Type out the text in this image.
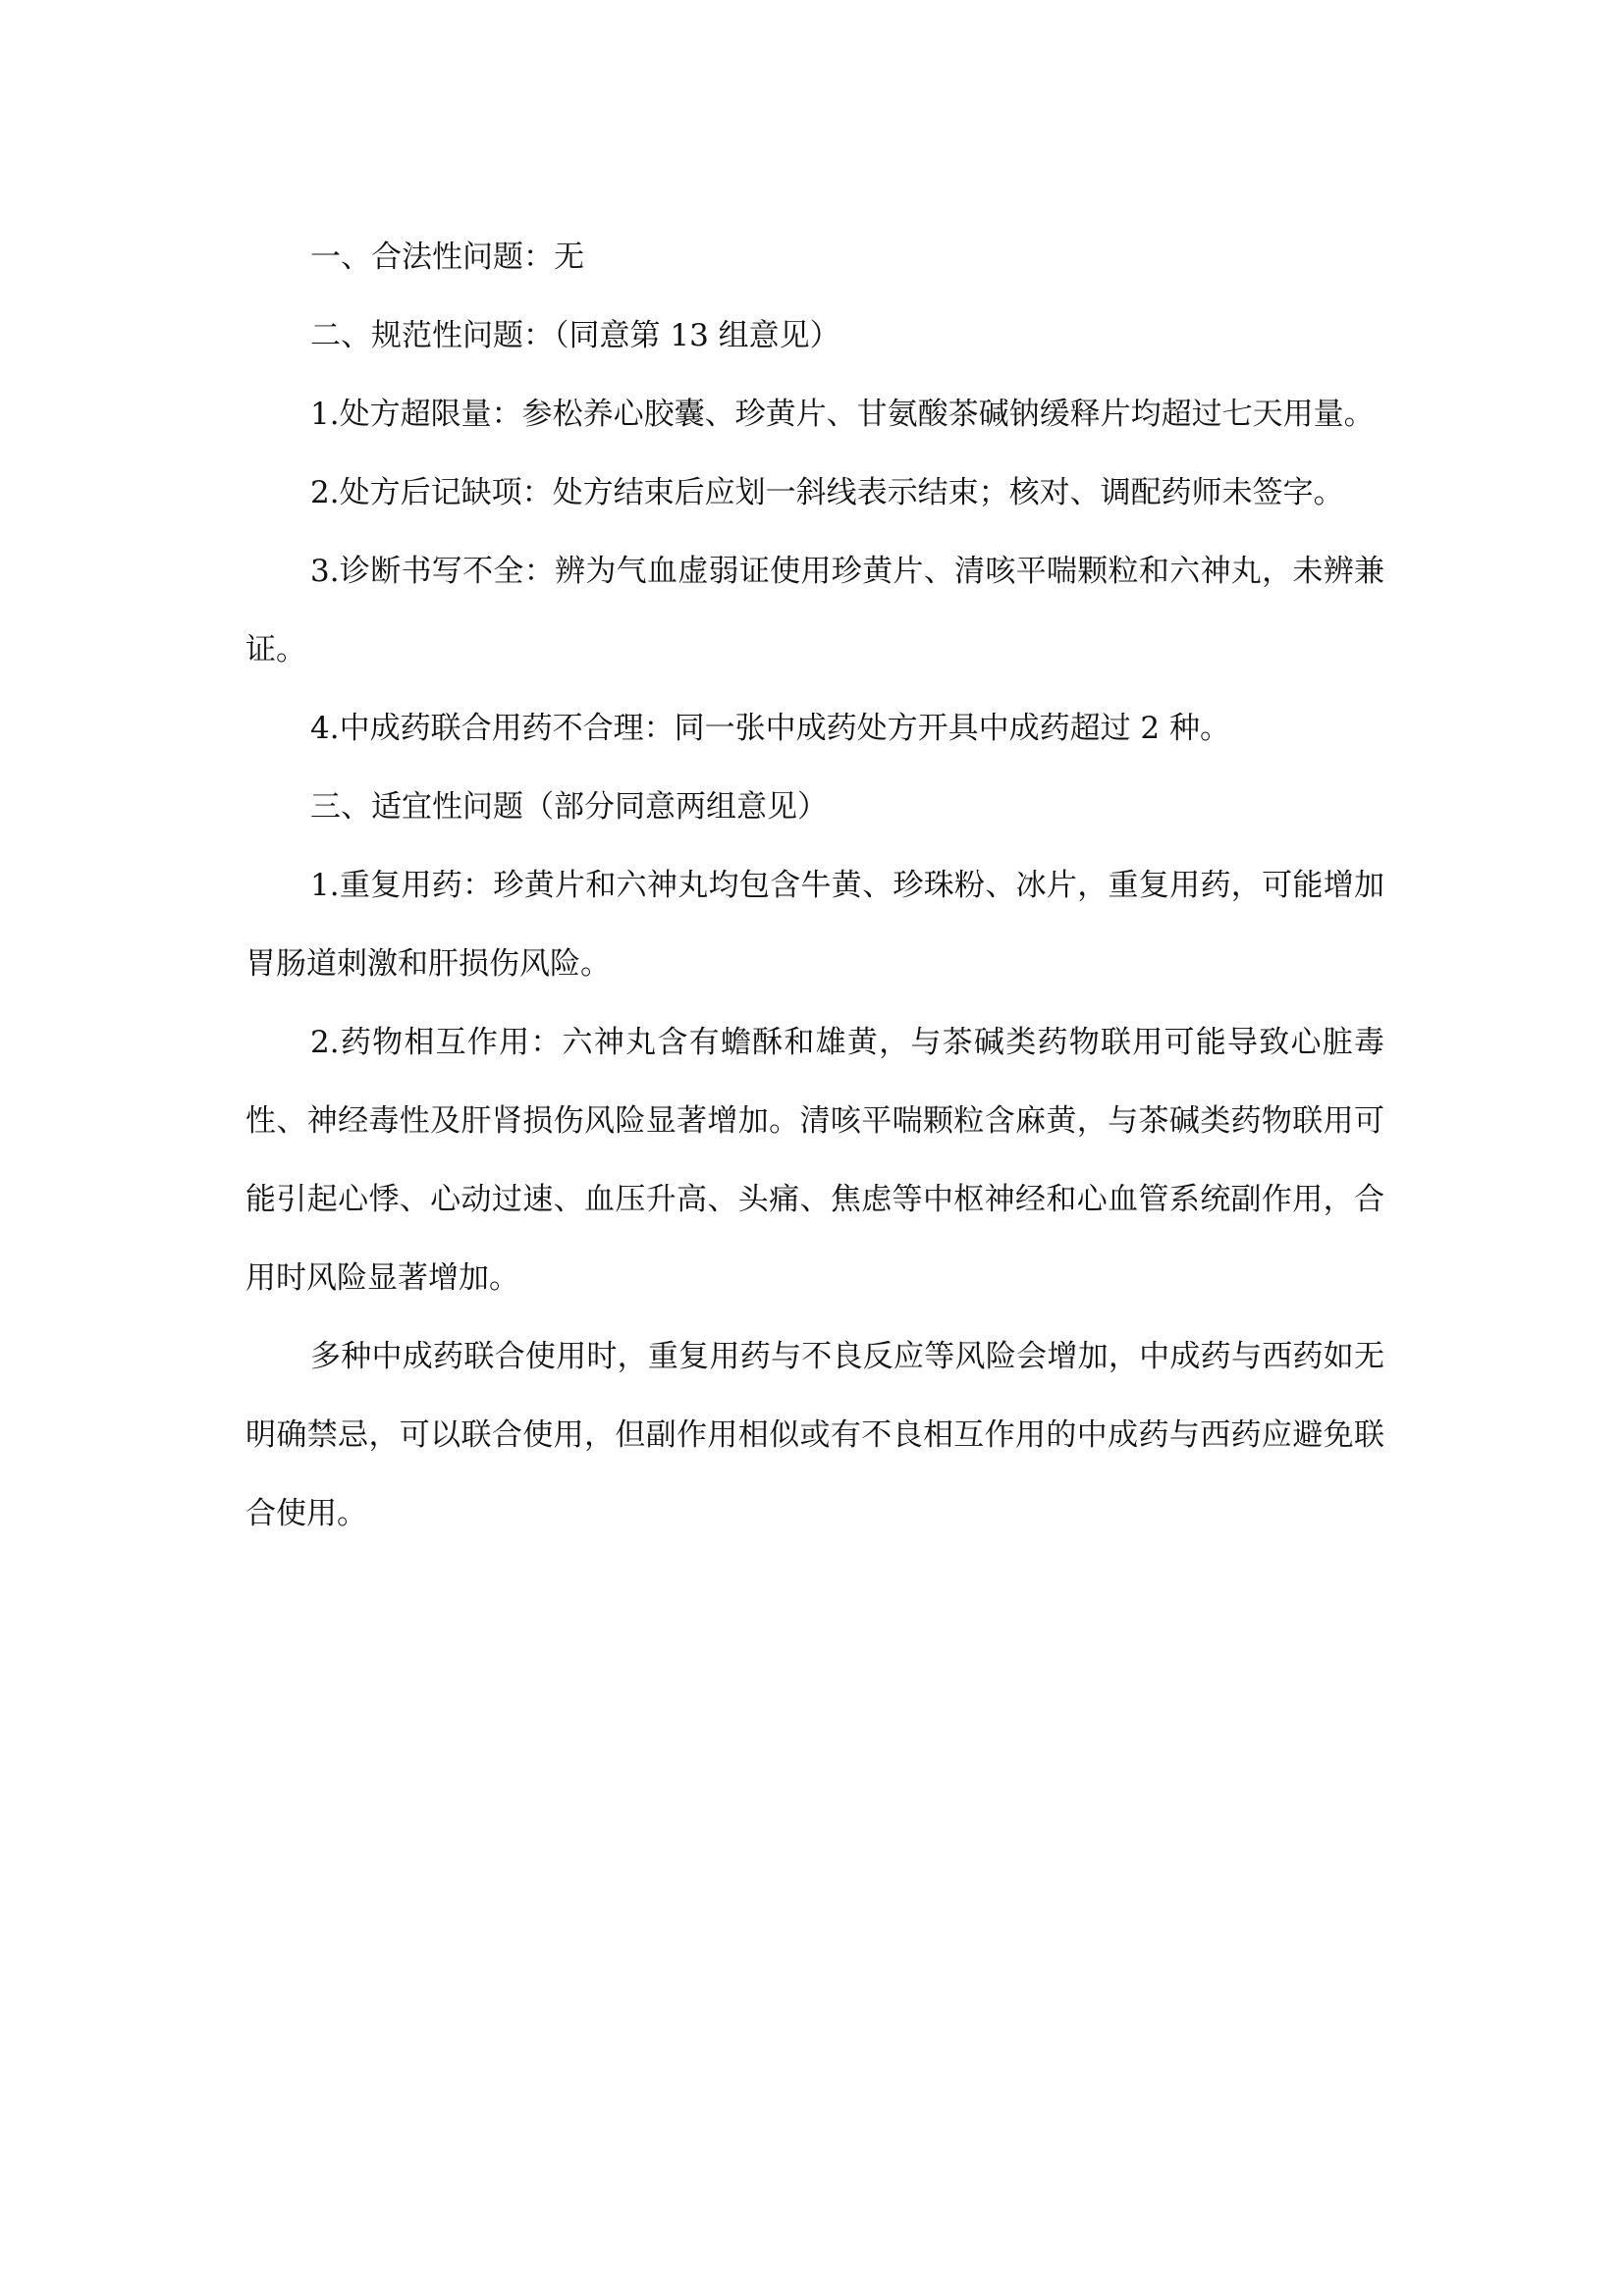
一、合法性问题：无

二、规范性问题：（同意第 13 组意见）

1.处方超限量：参松养心胶囊、珍黄片、甘氨酸茶碱钠缓释片均超过七天用量。

2.处方后记缺项：处方结束后应划一斜线表示结束；核对、调配药师未签字。

3.诊断书写不全：辨为气血虚弱证使用珍黄片、清咳平喘颗粒和六神丸，未辨兼证。

4.中成药联合用药不合理：同一张中成药处方开具中成药超过 2 种。

三、适宜性问题（部分同意两组意见）

1.重复用药：珍黄片和六神丸均包含牛黄、珍珠粉、冰片，重复用药，可能增加胃肠道刺激和肝损伤风险。

2.药物相互作用：六神丸含有蟾酥和雄黄，与茶碱类药物联用可能导致心脏毒性、神经毒性及肝肾损伤风险显著增加。清咳平喘颗粒含麻黄，与茶碱类药物联用可能引起心悸、心动过速、血压升高、头痛、焦虑等中枢神经和心血管系统副作用，合用时风险显著增加。

多种中成药联合使用时，重复用药与不良反应等风险会增加，中成药与西药如无明确禁忌，可以联合使用，但副作用相似或有不良相互作用的中成药与西药应避免联合使用。
